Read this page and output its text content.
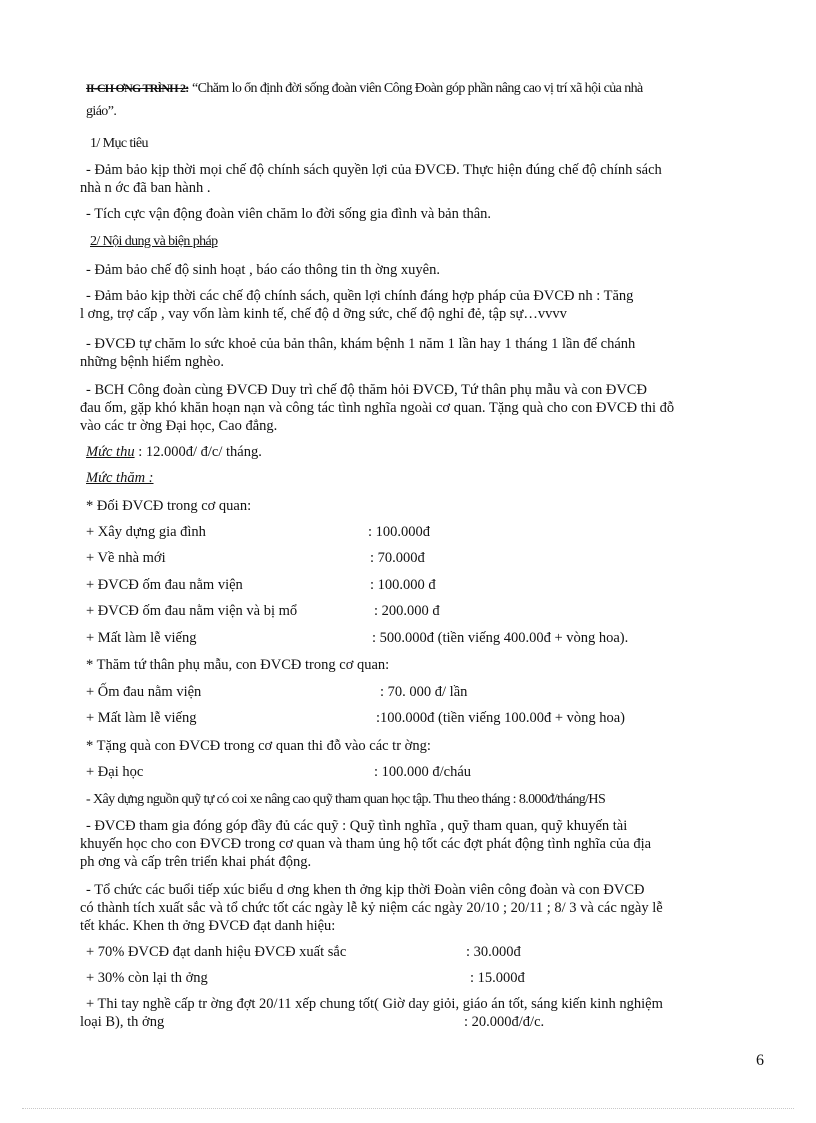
II-CH ƠNG TRÌNH 2: “Chăm lo ổn định đời sống đoàn viên Công Đoàn góp phần nâng cao vị trí xã hội của nhà
giáo”.
1/ Mục tiêu
- Đảm bảo kịp thời mọi chế độ chính sách quyền lợi của ĐVCĐ. Thực hiện đúng chế độ chính sách
nhà n ớc đã ban hành .
- Tích cực vận động đoàn viên chăm lo đời sống gia đình và bản thân.
2/ Nội dung và biện pháp
- Đảm bảo chế độ sinh hoạt , báo cáo thông tin th ờng xuyên.
- Đảm bảo kịp thời các chế độ chính sách, quền lợi chính đáng hợp pháp của ĐVCĐ nh : Tăng
l ơng, trợ cấp , vay vốn làm kinh tế, chế độ d ỡng sức, chế độ nghỉ đẻ, tập sự…vvvv
- ĐVCĐ tự chăm lo sức khoẻ của bản thân, khám bệnh 1 năm 1 lần hay 1 tháng 1 lần để chánh
những bệnh hiểm nghèo.
- BCH Công đoàn cùng ĐVCĐ Duy trì chế độ thăm hỏi ĐVCĐ, Tứ thân phụ mẫu và con ĐVCĐ
đau ốm, gặp khó khăn hoạn nạn và công tác tình nghĩa ngoài cơ quan. Tặng quà cho con ĐVCĐ thi đỗ
vào các tr ờng Đại học, Cao đẳng.
Mức thu : 12.000đ/ đ/c/ tháng.
Mức thăm :
* Đối ĐVCĐ trong cơ quan:
+ Xây dựng gia đình	: 100.000đ
+ Về nhà mới	: 70.000đ
+ ĐVCĐ ốm đau nằm viện	: 100.000 đ
+ ĐVCĐ ốm đau nằm viện và bị mổ	: 200.000 đ
+ Mất làm lễ viếng	: 500.000đ (tiền viếng 400.00đ + vòng hoa).
* Thăm tứ thân phụ mẫu, con ĐVCĐ trong cơ quan:
+ Ốm đau nằm viện	: 70. 000 đ/ lần
+ Mất làm lễ viếng	:100.000đ (tiền viếng 100.00đ + vòng hoa)
* Tặng quà con ĐVCĐ trong cơ quan thi đỗ vào các tr ờng:
+ Đại học	: 100.000 đ/cháu
- Xây dựng nguồn quỹ tự có coi xe nâng cao quỹ tham quan học tập. Thu theo tháng : 8.000đ/tháng/HS
- ĐVCĐ tham gia đóng góp đầy đủ các quỹ : Quỹ tình nghĩa , quỹ tham quan, quỹ khuyến tài
khuyến học cho con ĐVCĐ trong cơ quan và tham ủng hộ tốt các đợt phát động tình nghĩa của địa
ph ơng và cấp trên triển khai phát động.
- Tổ chức các buổi tiếp xúc biểu d ơng khen th ởng kịp thời Đoàn viên công đoàn và con ĐVCĐ
có thành tích xuất sắc và tổ chức tốt các ngày lễ kỷ niệm các ngày 20/10 ; 20/11 ; 8/ 3 và các ngày lễ
tết khác. Khen th ởng ĐVCĐ đạt danh hiệu:
+ 70% ĐVCĐ đạt danh hiệu ĐVCĐ xuất sắc	: 30.000đ
+ 30% còn lại th ởng	: 15.000đ
+ Thi tay nghề cấp tr ờng đợt 20/11 xếp chung tốt( Giờ day giỏi, giáo án tốt, sáng kiến kinh nghiệm
loại B), th ởng	: 20.000đ/đ/c.
6
